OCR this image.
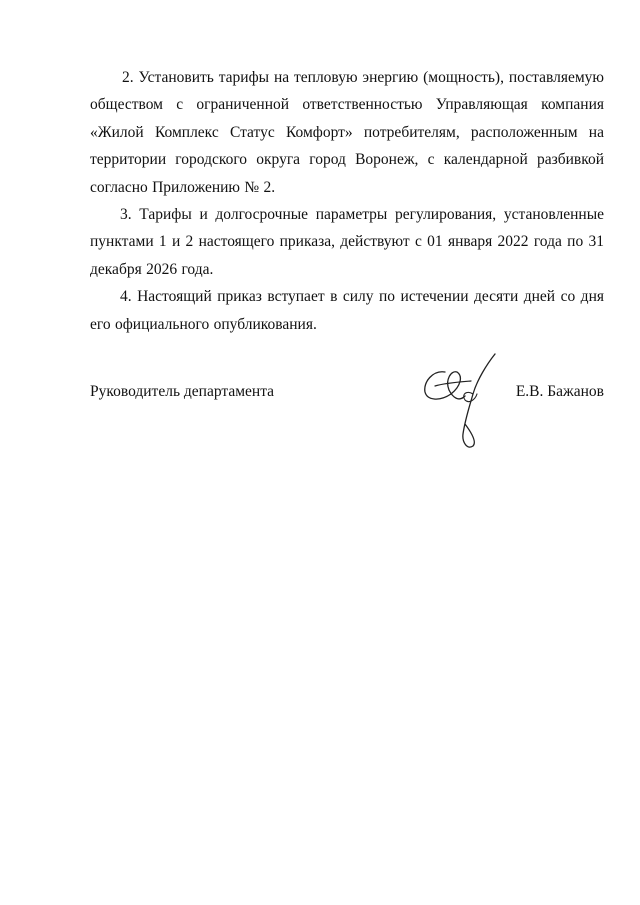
2. Установить тарифы на тепловую энергию (мощность), поставляемую обществом с ограниченной ответственностью Управляющая компания «Жилой Комплекс Статус Комфорт» потребителям, расположенным на территории городского округа город Воронеж, с календарной разбивкой согласно Приложению № 2.

3. Тарифы и долгосрочные параметры регулирования, установленные пунктами 1 и 2 настоящего приказа, действуют с 01 января 2022 года по 31 декабря 2026 года.

4. Настоящий приказ вступает в силу по истечении десяти дней со дня его официального опубликования.

Руководитель департамента	Е.В. Бажанов
